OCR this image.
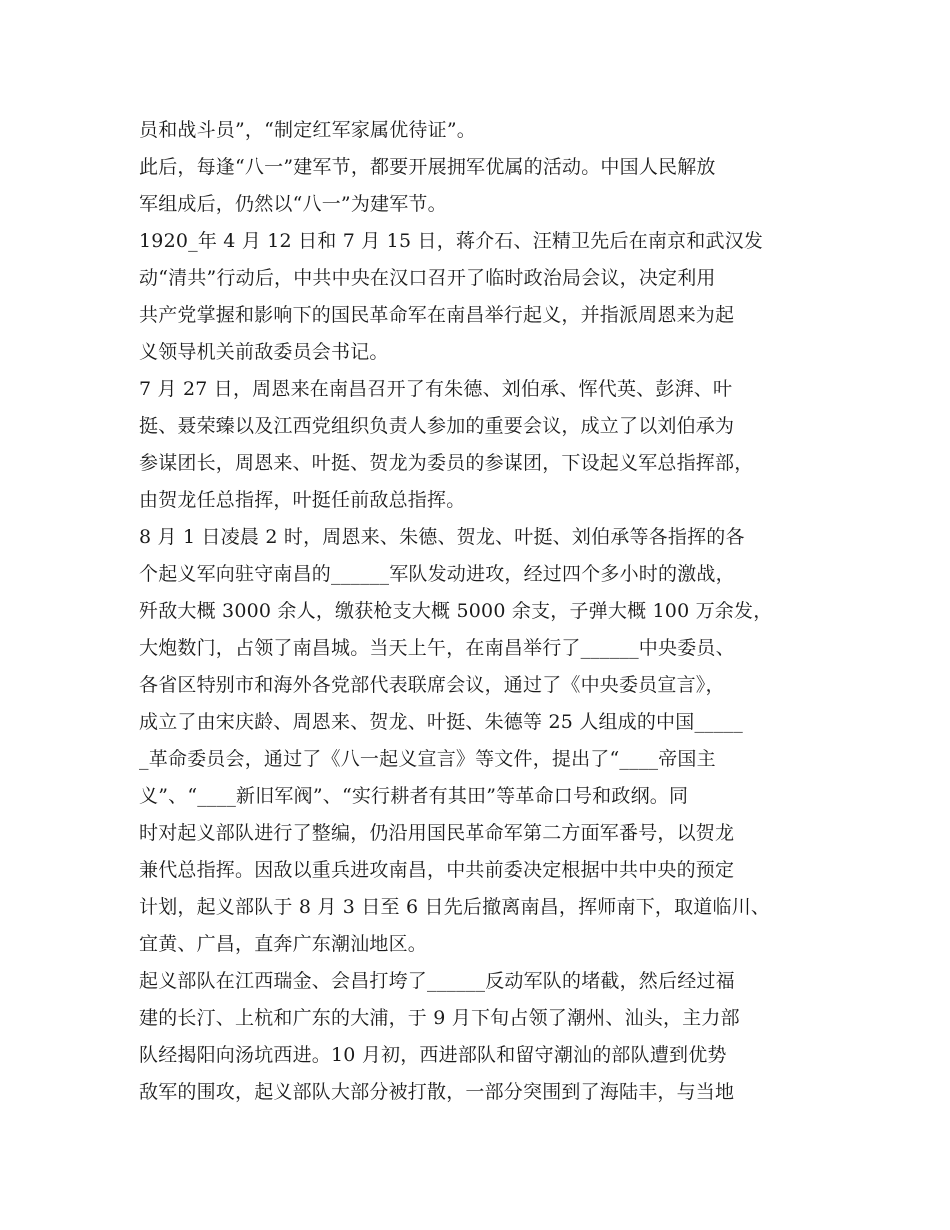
员和战斗员”，“制定红军家属优待证”。
此后，每逢“八一”建军节，都要开展拥军优属的活动。中国人民解放
军组成后，仍然以“八一”为建军节。
1920_年 4 月 12 日和 7 月 15 日，蒋介石、汪精卫先后在南京和武汉发
动“清共”行动后，中共中央在汉口召开了临时政治局会议，决定利用
共产党掌握和影响下的国民革命军在南昌举行起义，并指派周恩来为起
义领导机关前敌委员会书记。
7 月 27 日，周恩来在南昌召开了有朱德、刘伯承、恽代英、彭湃、叶
挺、聂荣臻以及江西党组织负责人参加的重要会议，成立了以刘伯承为
参谋团长，周恩来、叶挺、贺龙为委员的参谋团，下设起义军总指挥部，
由贺龙任总指挥，叶挺任前敌总指挥。
8 月 1 日凌晨 2 时，周恩来、朱德、贺龙、叶挺、刘伯承等各指挥的各
个起义军向驻守南昌的______军队发动进攻，经过四个多小时的激战，
歼敌大概 3000 余人，缴获枪支大概 5000 余支，子弹大概 100 万余发，
大炮数门，占领了南昌城。当天上午，在南昌举行了______中央委员、
各省区特别市和海外各党部代表联席会议，通过了《中央委员宣言》，
成立了由宋庆龄、周恩来、贺龙、叶挺、朱德等 25 人组成的中国_____
_革命委员会，通过了《八一起义宣言》等文件，提出了“____帝国主
义”、“____新旧军阀”、“实行耕者有其田”等革命口号和政纲。同
时对起义部队进行了整编，仍沿用国民革命军第二方面军番号，以贺龙
兼代总指挥。因敌以重兵进攻南昌，中共前委决定根据中共中央的预定
计划，起义部队于 8 月 3 日至 6 日先后撤离南昌，挥师南下，取道临川、
宜黄、广昌，直奔广东潮汕地区。
起义部队在江西瑞金、会昌打垮了______反动军队的堵截，然后经过福
建的长汀、上杭和广东的大浦，于 9 月下旬占领了潮州、汕头，主力部
队经揭阳向汤坑西进。10 月初，西进部队和留守潮汕的部队遭到优势
敌军的围攻，起义部队大部分被打散，一部分突围到了海陆丰，与当地
